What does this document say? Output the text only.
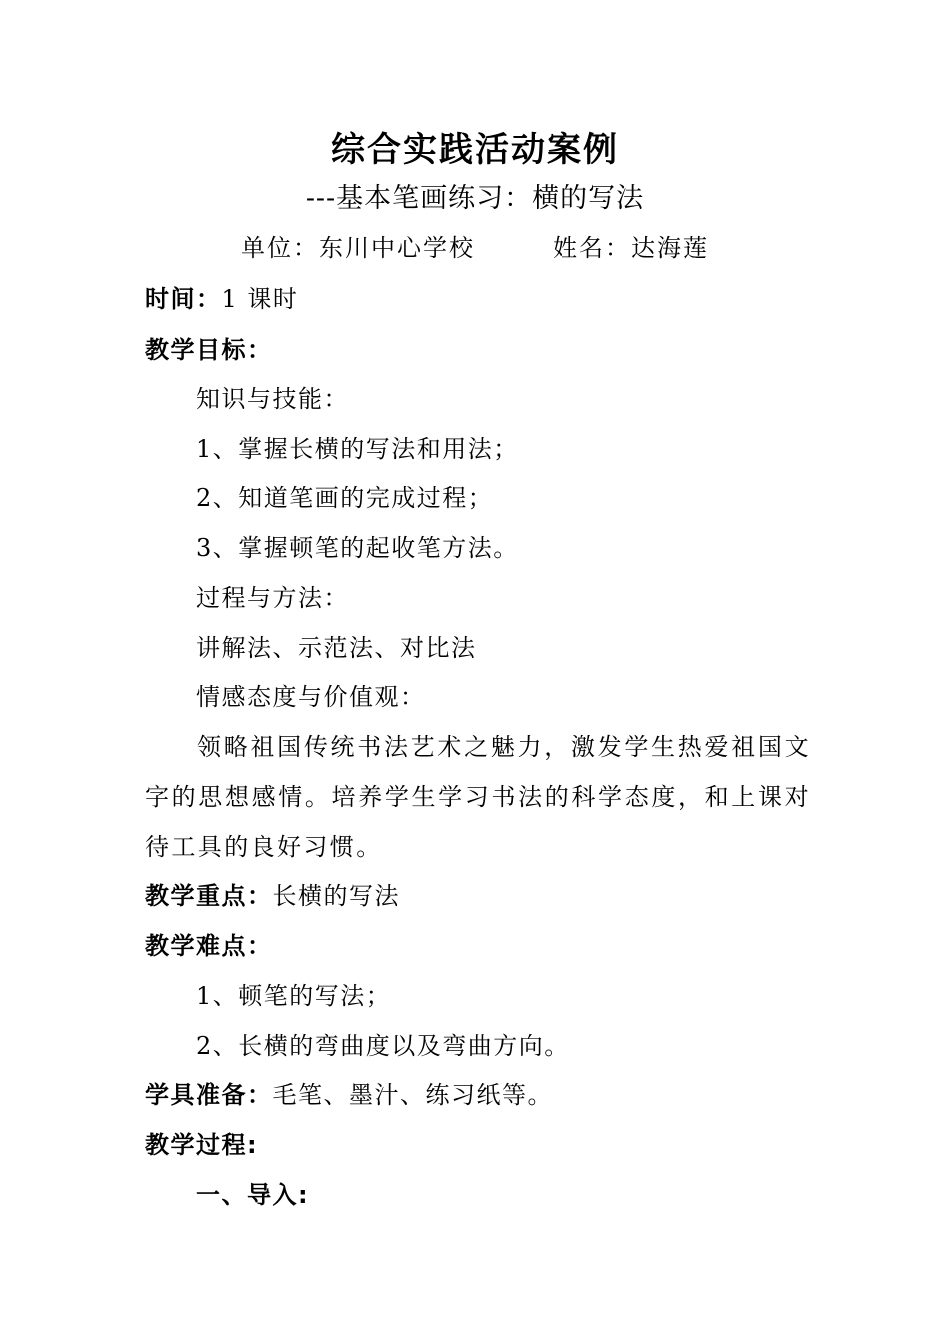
综合实践活动案例
---基本笔画练习：横的写法
单位：东川中心学校	姓名：达海莲
时间：1 课时
教学目标：
知识与技能：
1、掌握长横的写法和用法；
2、知道笔画的完成过程；
3、掌握顿笔的起收笔方法。
过程与方法：
讲解法、示范法、对比法
情感态度与价值观：
领略祖国传统书法艺术之魅力，激发学生热爱祖国文字的思想感情。培养学生学习书法的科学态度，和上课对待工具的良好习惯。
教学重点：长横的写法
教学难点：
1、顿笔的写法；
2、长横的弯曲度以及弯曲方向。
学具准备：毛笔、墨汁、练习纸等。
教学过程:
一、导入:
